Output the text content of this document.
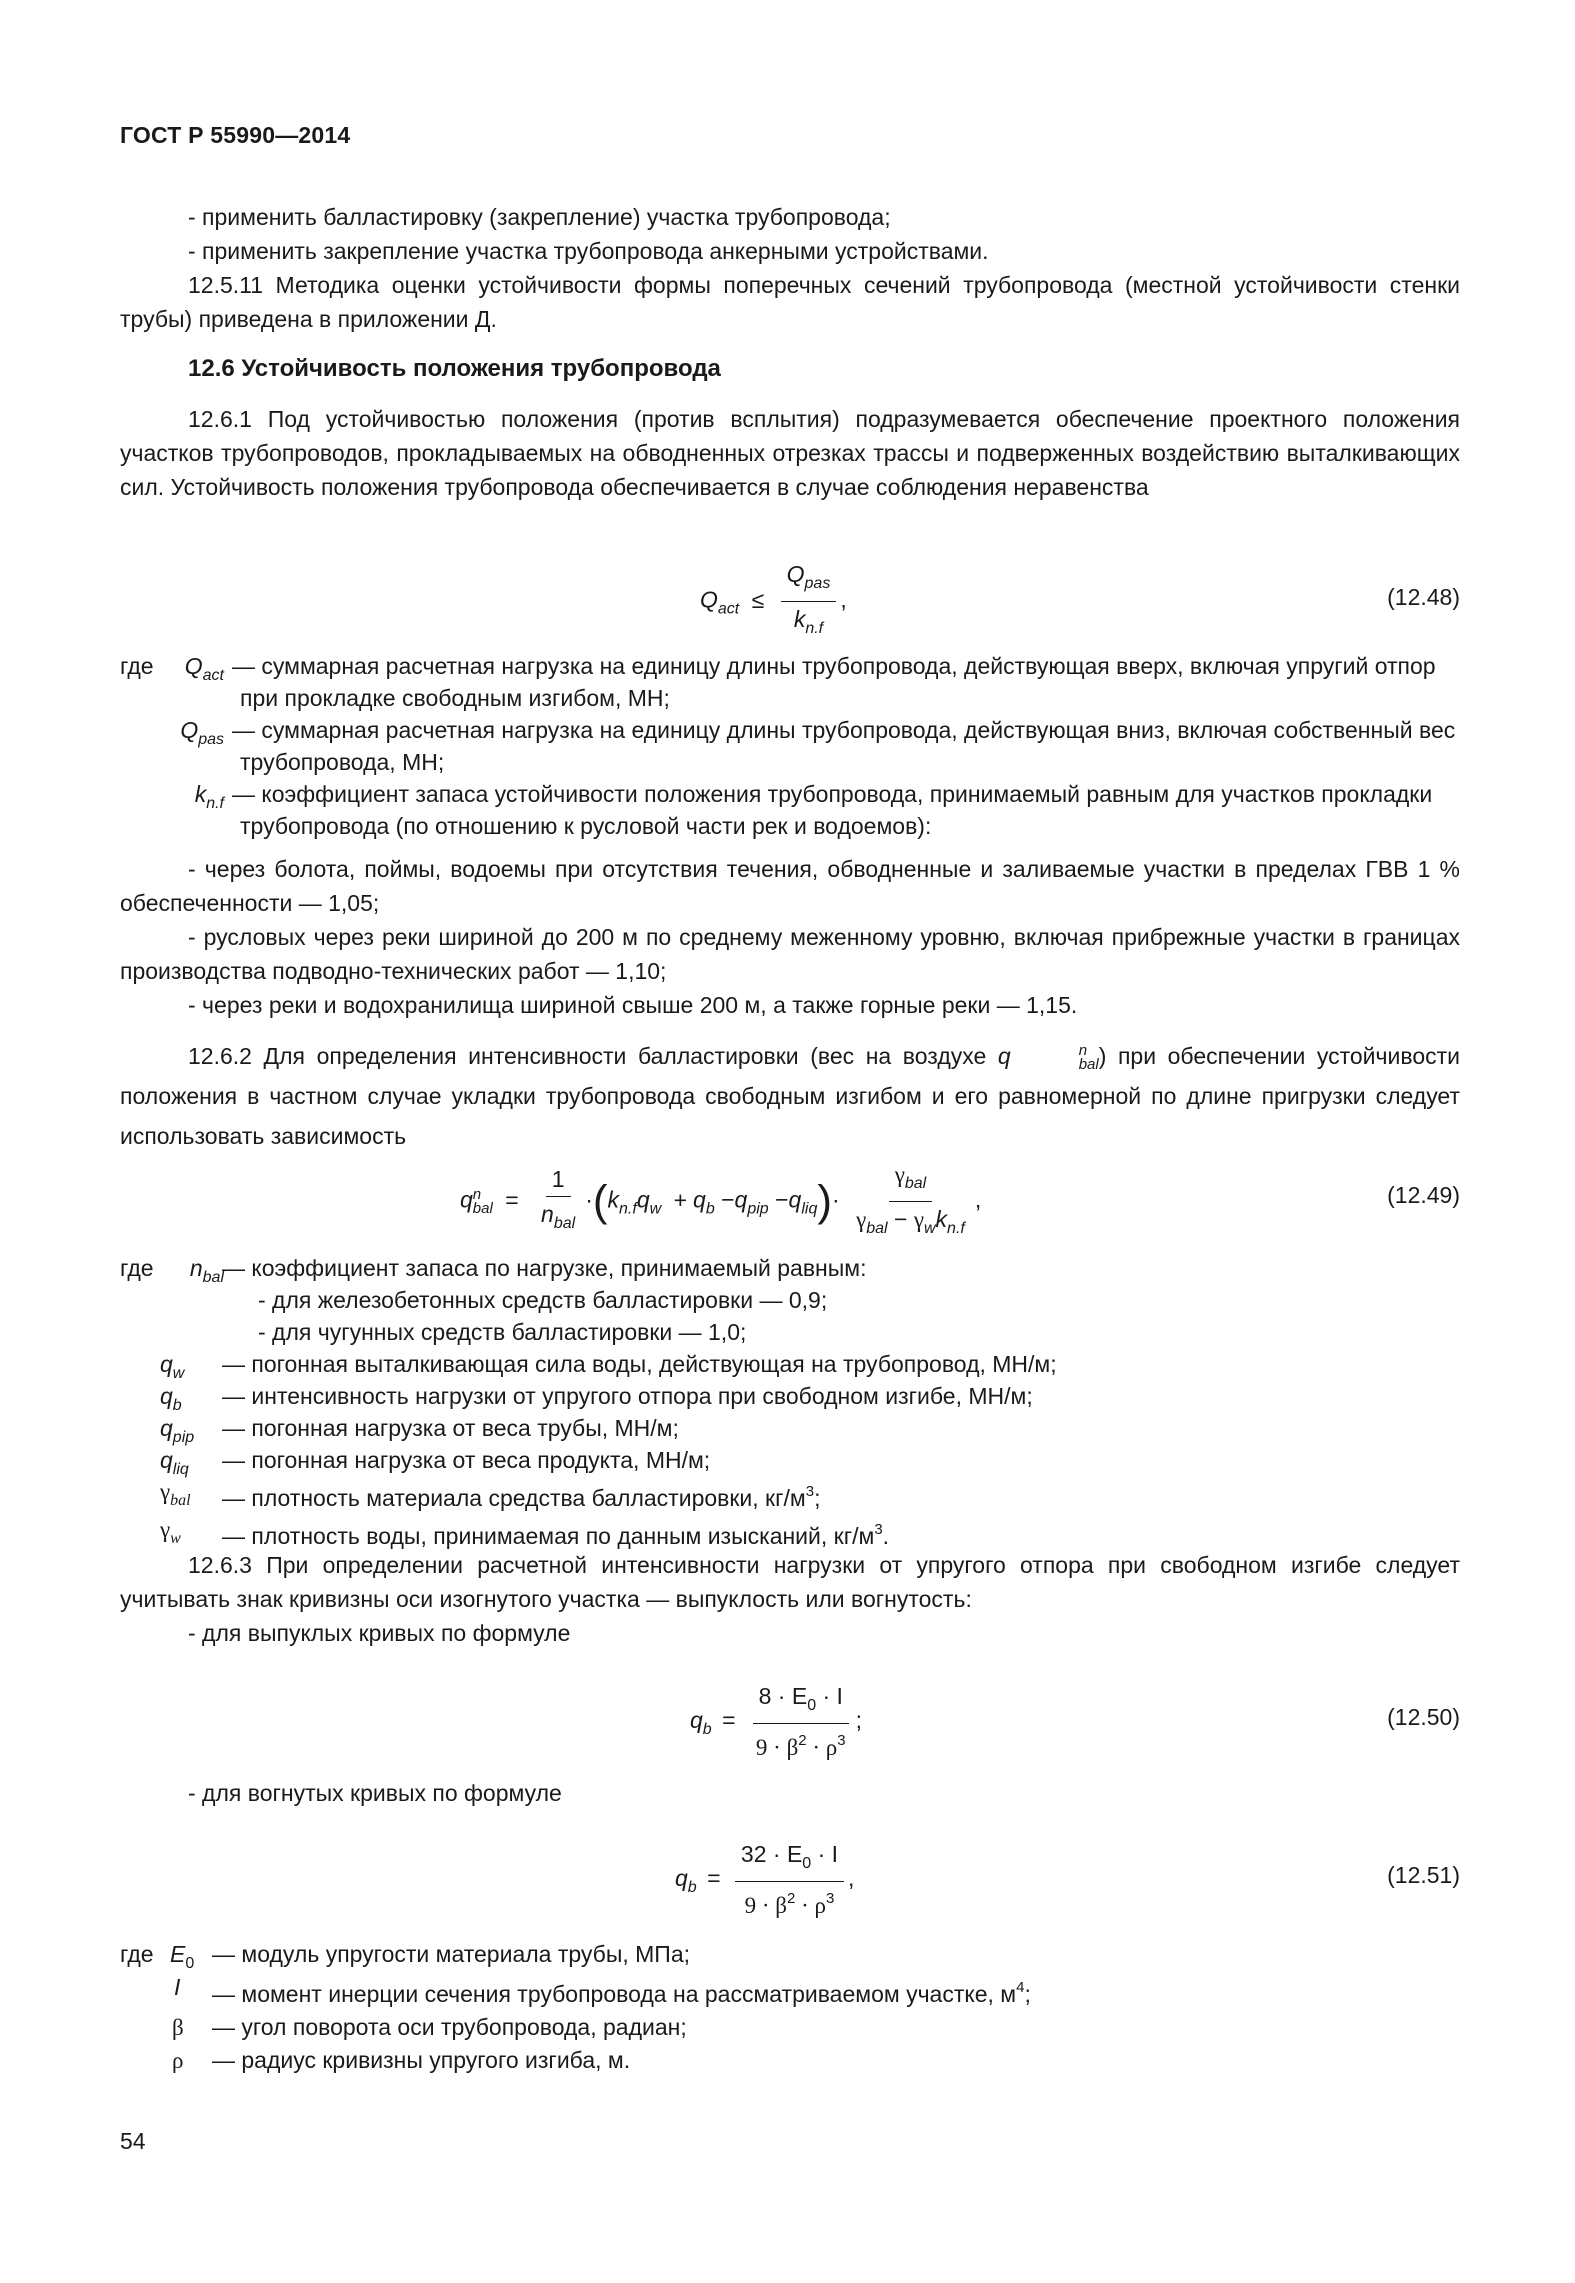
ГОСТ Р 55990—2014
- применить балластировку (закрепление) участка трубопровода;
- применить закрепление участка трубопровода анкерными устройствами.
12.5.11 Методика оценки устойчивости формы поперечных сечений трубопровода (местной устойчивости стенки трубы) приведена в приложении Д.
12.6 Устойчивость положения трубопровода
12.6.1 Под устойчивостью положения (против всплытия) подразумевается обеспечение проектного положения участков трубопроводов, прокладываемых на обводненных отрезках трассы и подверженных воздействию выталкивающих сил. Устойчивость положения трубопровода обеспечивается в случае соблюдения неравенства
$Q_{act} \le \frac{Q_{pas}}{k_{n.f}}$ ,	(12.48)
где	$Q_{act}$ — суммарная расчетная нагрузка на единицу длины трубопровода, действующая вверх, включая упругий отпор при прокладке свободным изгибом, МН;
$Q_{pas}$ — суммарная расчетная нагрузка на единицу длины трубопровода, действующая вниз, включая собственный вес трубопровода, МН;
$k_{n.f}$ — коэффициент запаса устойчивости положения трубопровода, принимаемый равным для участков прокладки трубопровода (по отношению к русловой части рек и водоемов):
- через болота, поймы, водоемы при отсутствия течения, обводненные и заливаемые участки в пределах ГВВ 1 % обеспеченности — 1,05;
- русловых через реки шириной до 200 м по среднему меженному уровню, включая прибрежные участки в границах производства подводно-технических работ — 1,10;
- через реки и водохранилища шириной свыше 200 м, а также горные реки — 1,15.
12.6.2 Для определения интенсивности балластировки (вес на воздухе q	n
bal ) при обеспечении устойчивости положения в частном случае укладки трубопровода свободным изгибом и его равномерной по длине пригрузки следует использовать зависимость
q n
bal = $\frac{1}{n_{bal}} \cdot(k_{n.f}q_w + q_b -q_{pip} -q_{liq})\cdot \frac{\gamma_{bal}}{\gamma_{bal} - \gamma_wk_{n.f}}$ ,	(12.49)
где	$n_{bal}$
— коэффициент запаса по нагрузке, принимаемый равным:
- для железобетонных средств балластировки — 0,9;
- для чугунных средств балластировки — 1,0;
$q_w$	— погонная выталкивающая сила воды, действующая на трубопровод, МН/м;
$q_b$	— интенсивность нагрузки от упругого отпора при свободном изгибе, МН/м;
$q_{pip}$	— погонная нагрузка от веса трубы, МН/м;
$q_{liq}$	— погонная нагрузка от веса продукта, МН/м;
$\gamma_{bal}$	— плотность материала средства балластировки, $кг/м^3$;
$\gamma_w$	— плотность воды, принимаемая по данным изысканий, $кг/м^3$.
12.6.3 При определении расчетной интенсивности нагрузки от упругого отпора при свободном изгибе следует учитывать знак кривизны оси изогнутого участка — выпуклость или вогнутость:
- для выпуклых кривых по формуле
$q_b = \frac{8 \cdot E_0 \cdot I}{9 \cdot \beta^2 \cdot \rho^3}$ ;	(12.50)
- для вогнутых кривых по формуле
$q_b = \frac{32 \cdot E_0 \cdot I}{9 \cdot \beta^2 \cdot \rho^3}$ ,	(12.51)
где $E_0$ — модуль упругости материала трубы, МПа;
I	— момент инерции сечения трубопровода на рассматриваемом участке, $м^4$;
β	— угол поворота оси трубопровода, радиан;
ρ	— радиус кривизны упругого изгиба, м.
54
